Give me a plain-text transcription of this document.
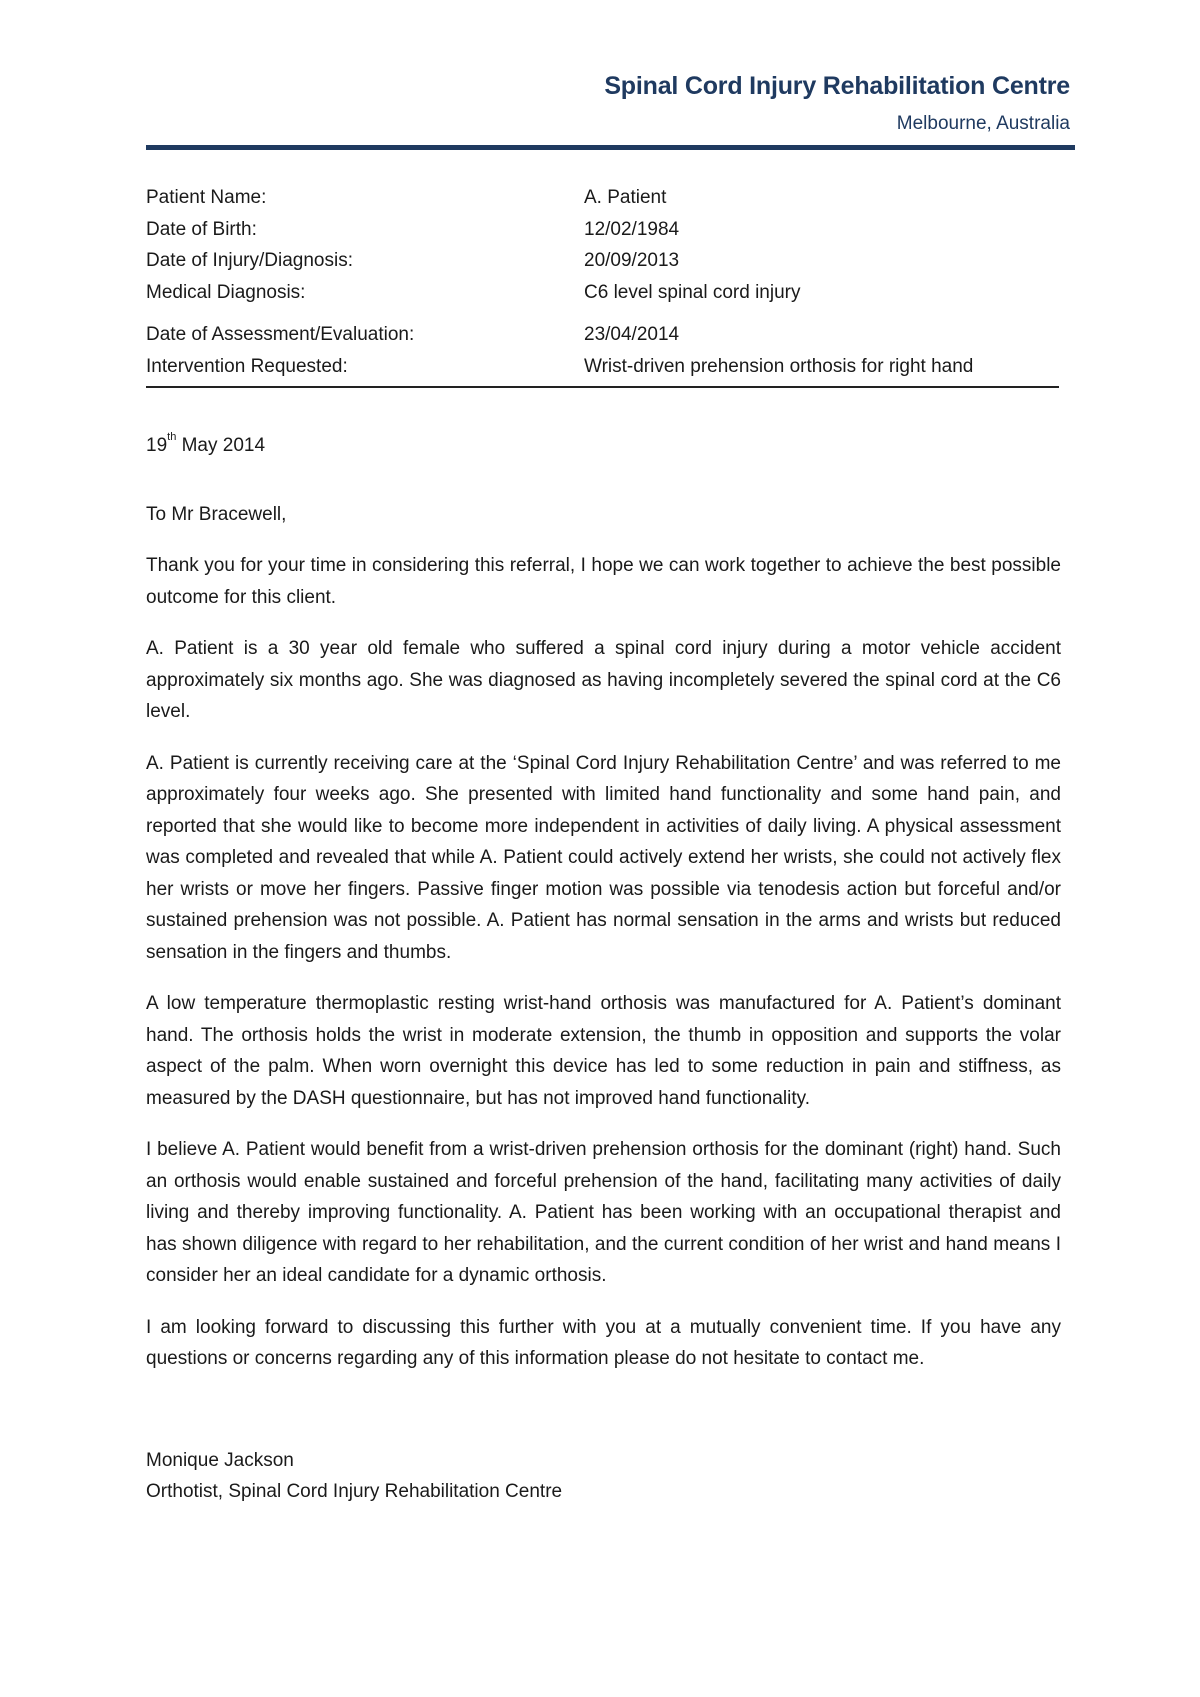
Spinal Cord Injury Rehabilitation Centre
Melbourne, Australia
Patient Name:	A. Patient
Date of Birth:	12/02/1984
Date of Injury/Diagnosis:	20/09/2013
Medical Diagnosis:	C6 level spinal cord injury
Date of Assessment/Evaluation:	23/04/2014
Intervention Requested:	Wrist-driven prehension orthosis for right hand
19th May 2014
To Mr Bracewell,

Thank you for your time in considering this referral, I hope we can work together to achieve the best possible outcome for this client.

A. Patient is a 30 year old female who suffered a spinal cord injury during a motor vehicle accident approximately six months ago. She was diagnosed as having incompletely severed the spinal cord at the C6 level.

A. Patient is currently receiving care at the ‘Spinal Cord Injury Rehabilitation Centre’ and was referred to me approximately four weeks ago. She presented with limited hand functionality and some hand pain, and reported that she would like to become more independent in activities of daily living. A physical assessment was completed and revealed that while A. Patient could actively extend her wrists, she could not actively flex her wrists or move her fingers. Passive finger motion was possible via tenodesis action but forceful and/or sustained prehension was not possible. A. Patient has normal sensation in the arms and wrists but reduced sensation in the fingers and thumbs.

A low temperature thermoplastic resting wrist-hand orthosis was manufactured for A. Patient’s dominant hand. The orthosis holds the wrist in moderate extension, the thumb in opposition and supports the volar aspect of the palm. When worn overnight this device has led to some reduction in pain and stiffness, as measured by the DASH questionnaire, but has not improved hand functionality.

I believe A. Patient would benefit from a wrist-driven prehension orthosis for the dominant (right) hand. Such an orthosis would enable sustained and forceful prehension of the hand, facilitating many activities of daily living and thereby improving functionality. A. Patient has been working with an occupational therapist and has shown diligence with regard to her rehabilitation, and the current condition of her wrist and hand means I consider her an ideal candidate for a dynamic orthosis.

I am looking forward to discussing this further with you at a mutually convenient time. If you have any questions or concerns regarding any of this information please do not hesitate to contact me.

Monique Jackson
Orthotist, Spinal Cord Injury Rehabilitation Centre
